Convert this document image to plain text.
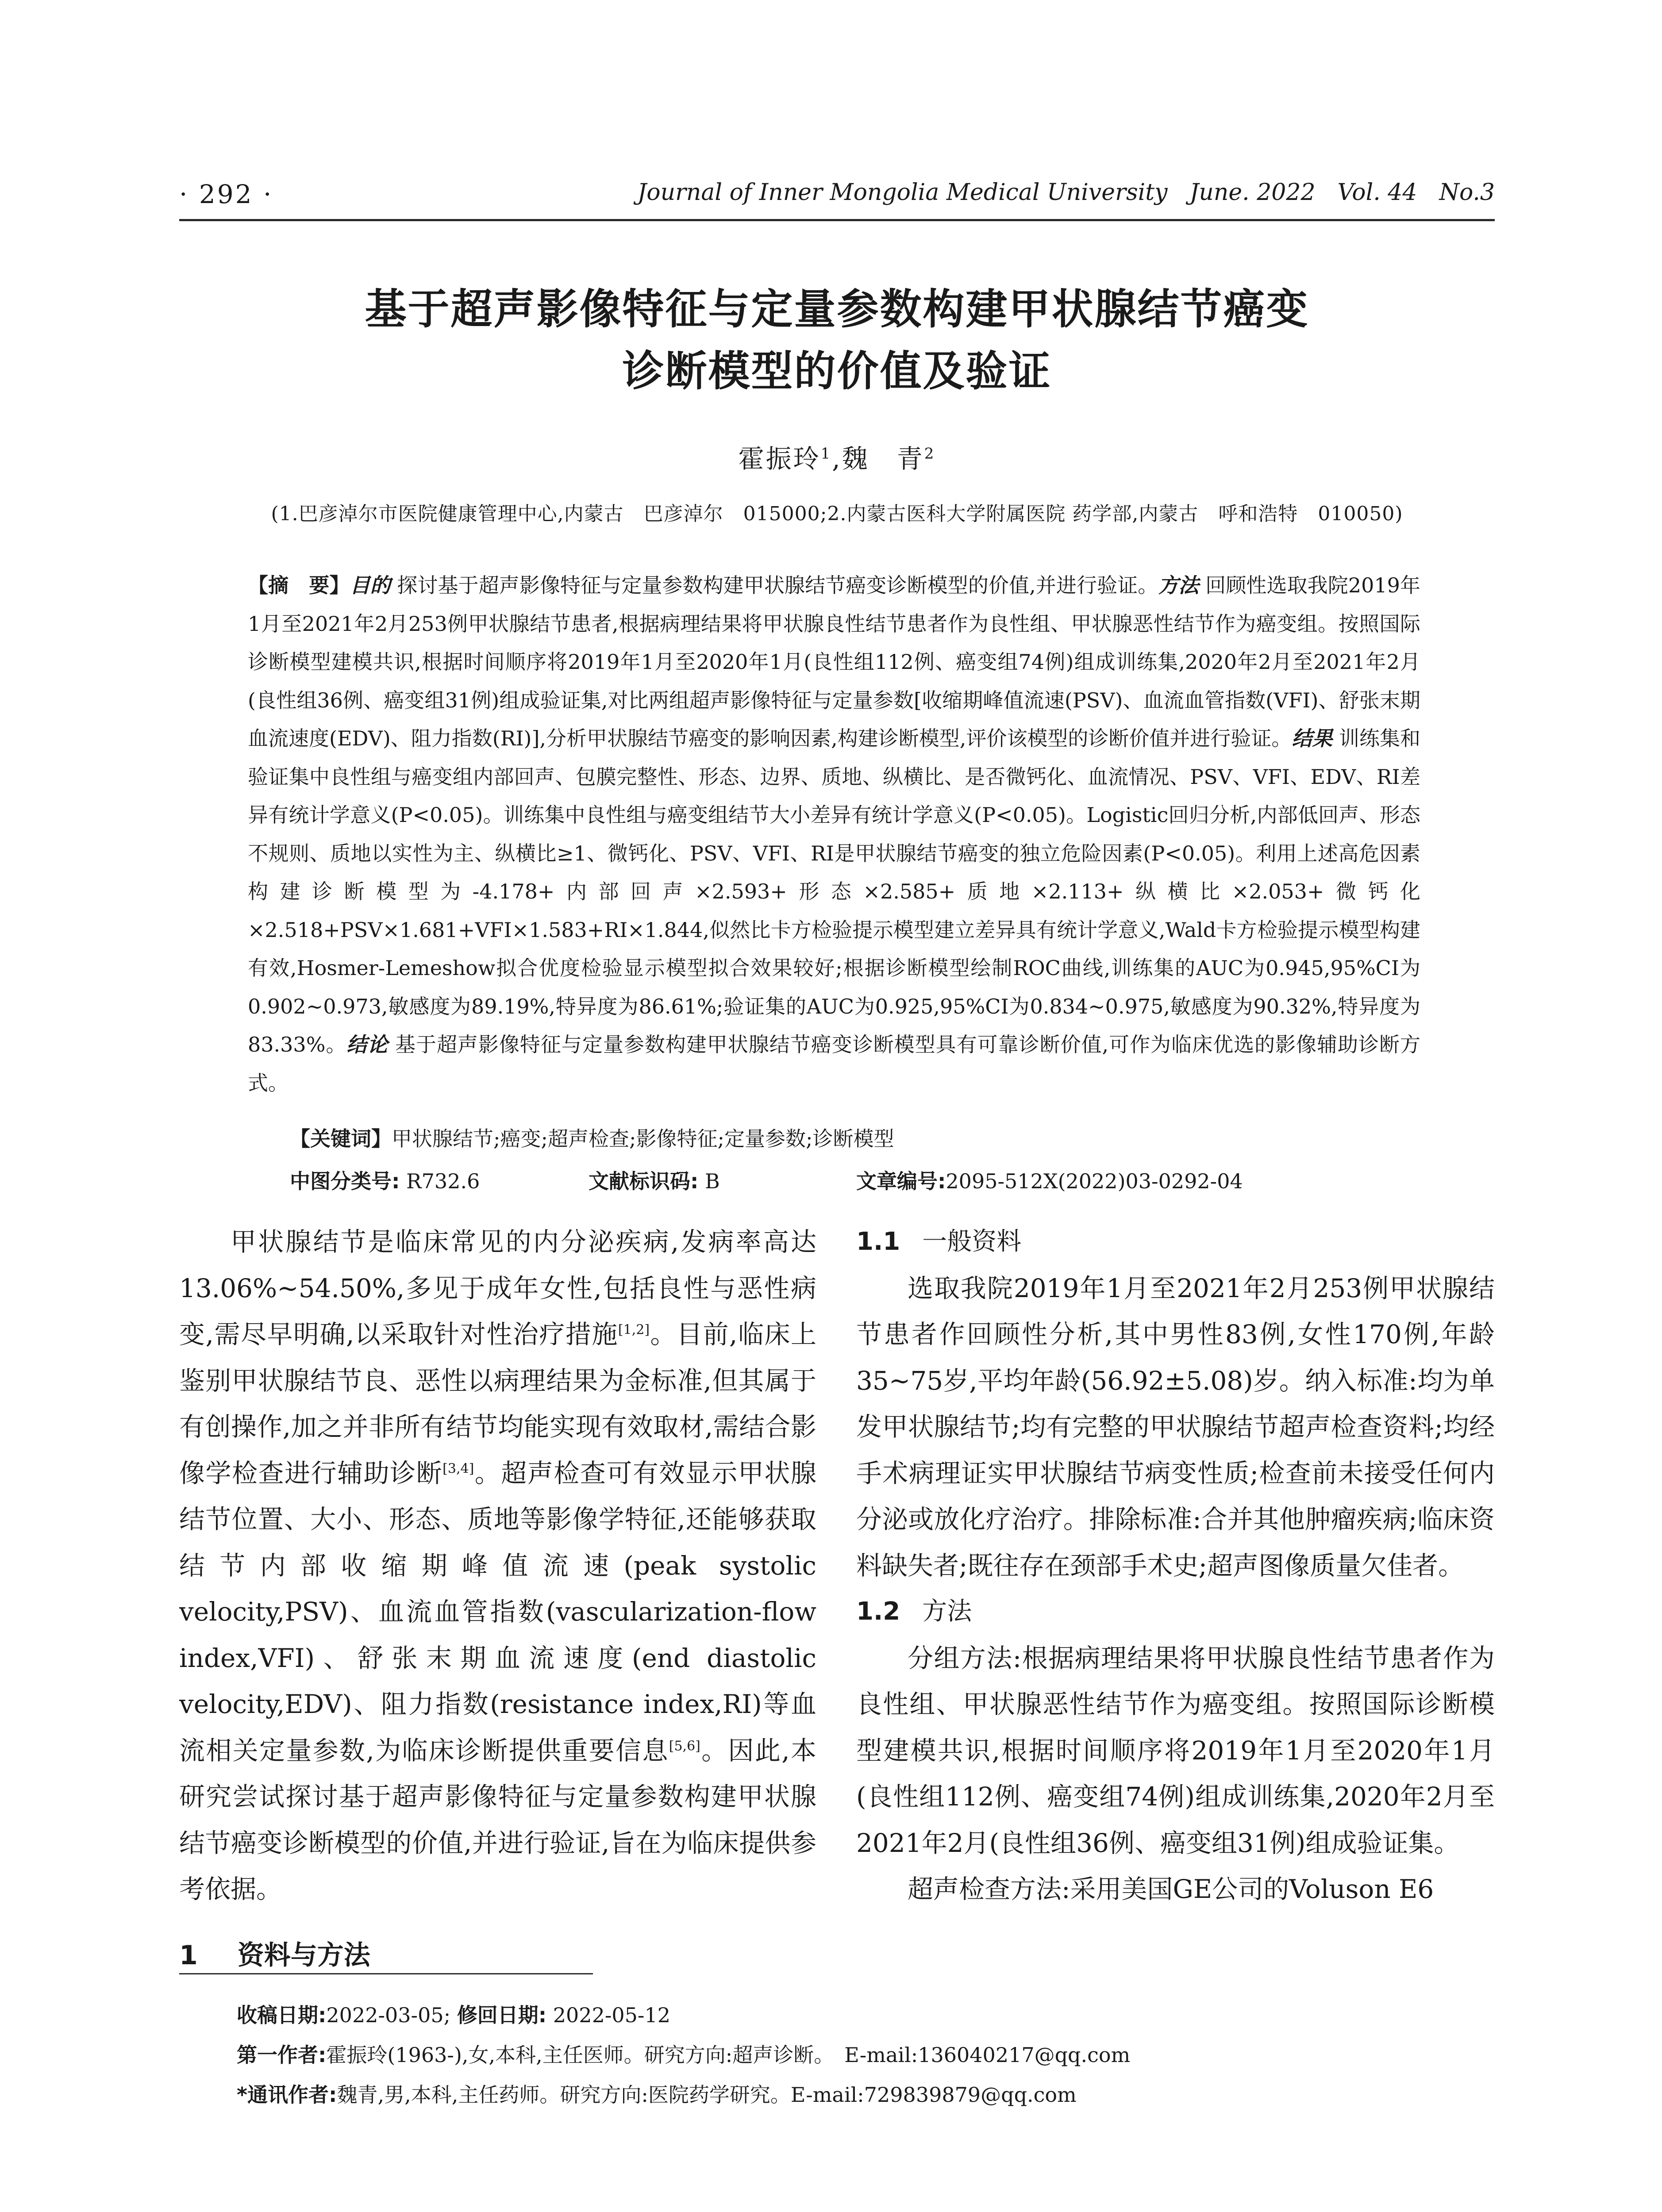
· 292 ·	Journal of Inner Mongolia Medical University June. 2022 Vol. 44 No.3
基于超声影像特征与定量参数构建甲状腺结节癌变
诊断模型的价值及验证
霍振玲$^1$,魏　青$^2$
(1.巴彦淖尔市医院健康管理中心,内蒙古　巴彦淖尔　015000;2.内蒙古医科大学附属医院 药学部,内蒙古　呼和浩特　010050)
【摘　要】目的 探讨基于超声影像特征与定量参数构建甲状腺结节癌变诊断模型的价值,并进行验证。方法 回顾性选取我院2019年1月至2021年2月253例甲状腺结节患者,根据病理结果将甲状腺良性结节患者作为良性组、甲状腺恶性结节作为癌变组。按照国际诊断模型建模共识,根据时间顺序将2019年1月至2020年1月(良性组112例、癌变组74例)组成训练集,2020年2月至2021年2月(良性组36例、癌变组31例)组成验证集,对比两组超声影像特征与定量参数[收缩期峰值流速(PSV)、血流血管指数(VFI)、舒张末期血流速度(EDV)、阻力指数(RI)],分析甲状腺结节癌变的影响因素,构建诊断模型,评价该模型的诊断价值并进行验证。结果 训练集和验证集中良性组与癌变组内部回声、包膜完整性、形态、边界、质地、纵横比、是否微钙化、血流情况、PSV、VFI、EDV、RI差异有统计学意义(P<0.05)。训练集中良性组与癌变组结节大小差异有统计学意义(P<0.05)。Logistic回归分析,内部低回声、形态不规则、质地以实性为主、纵横比≥1、微钙化、PSV、VFI、RI是甲状腺结节癌变的独立危险因素(P<0.05)。利用上述高危因素构建诊断模型为-4.178+内部回声×2.593+形态×2.585+质地×2.113+纵横比×2.053+微钙化×2.518+PSV×1.681+VFI×1.583+RI×1.844,似然比卡方检验提示模型建立差异具有统计学意义,Wald卡方检验提示模型构建有效,Hosmer-Lemeshow拟合优度检验显示模型拟合效果较好;根据诊断模型绘制ROC曲线,训练集的AUC为0.945,95%CI为0.902~0.973,敏感度为89.19%,特异度为86.61%;验证集的AUC为0.925,95%CI为0.834~0.975,敏感度为90.32%,特异度为83.33%。结论 基于超声影像特征与定量参数构建甲状腺结节癌变诊断模型具有可靠诊断价值,可作为临床优选的影像辅助诊断方式。
【关键词】甲状腺结节;癌变;超声检查;影像特征;定量参数;诊断模型
中图分类号: R732.6	文献标识码: B	文章编号:2095-512X(2022)03-0292-04

甲状腺结节是临床常见的内分泌疾病,发病率高达13.06%~54.50%,多见于成年女性,包括良性与恶性病变,需尽早明确,以采取针对性治疗措施[1,2]。目前,临床上鉴别甲状腺结节良、恶性以病理结果为金标准,但其属于有创操作,加之并非所有结节均能实现有效取材,需结合影像学检查进行辅助诊断[3,4]。超声检查可有效显示甲状腺结节位置、大小、形态、质地等影像学特征,还能够获取结节内部收缩期峰值流速(peak systolic velocity,PSV)、血流血管指数(vascularization-flow index,VFI)、舒张末期血流速度(end diastolic velocity,EDV)、阻力指数(resistance index,RI)等血流相关定量参数,为临床诊断提供重要信息[5,6]。因此,本研究尝试探讨基于超声影像特征与定量参数构建甲状腺结节癌变诊断模型的价值,并进行验证,旨在为临床提供参考依据。

1 资料与方法
1.1 一般资料

选取我院2019年1月至2021年2月253例甲状腺结节患者作回顾性分析,其中男性83例,女性170例,年龄35~75岁,平均年龄(56.92±5.08)岁。纳入标准:均为单发甲状腺结节;均有完整的甲状腺结节超声检查资料;均经手术病理证实甲状腺结节病变性质;检查前未接受任何内分泌或放化疗治疗。排除标准:合并其他肿瘤疾病;临床资料缺失者;既往存在颈部手术史;超声图像质量欠佳者。

1.2 方法

分组方法:根据病理结果将甲状腺良性结节患者作为良性组、甲状腺恶性结节作为癌变组。按照国际诊断模型建模共识,根据时间顺序将2019年1月至2020年1月(良性组112例、癌变组74例)组成训练集,2020年2月至2021年2月(良性组36例、癌变组31例)组成验证集。

超声检查方法:采用美国GE公司的Voluson E6

收稿日期:2022-03-05; 修回日期: 2022-05-12
第一作者:霍振玲(1963-),女,本科,主任医师。研究方向:超声诊断。　E-mail:136040217@qq.com
*通讯作者:魏青,男,本科,主任药师。研究方向:医院药学研究。E-mail:729839879@qq.com
